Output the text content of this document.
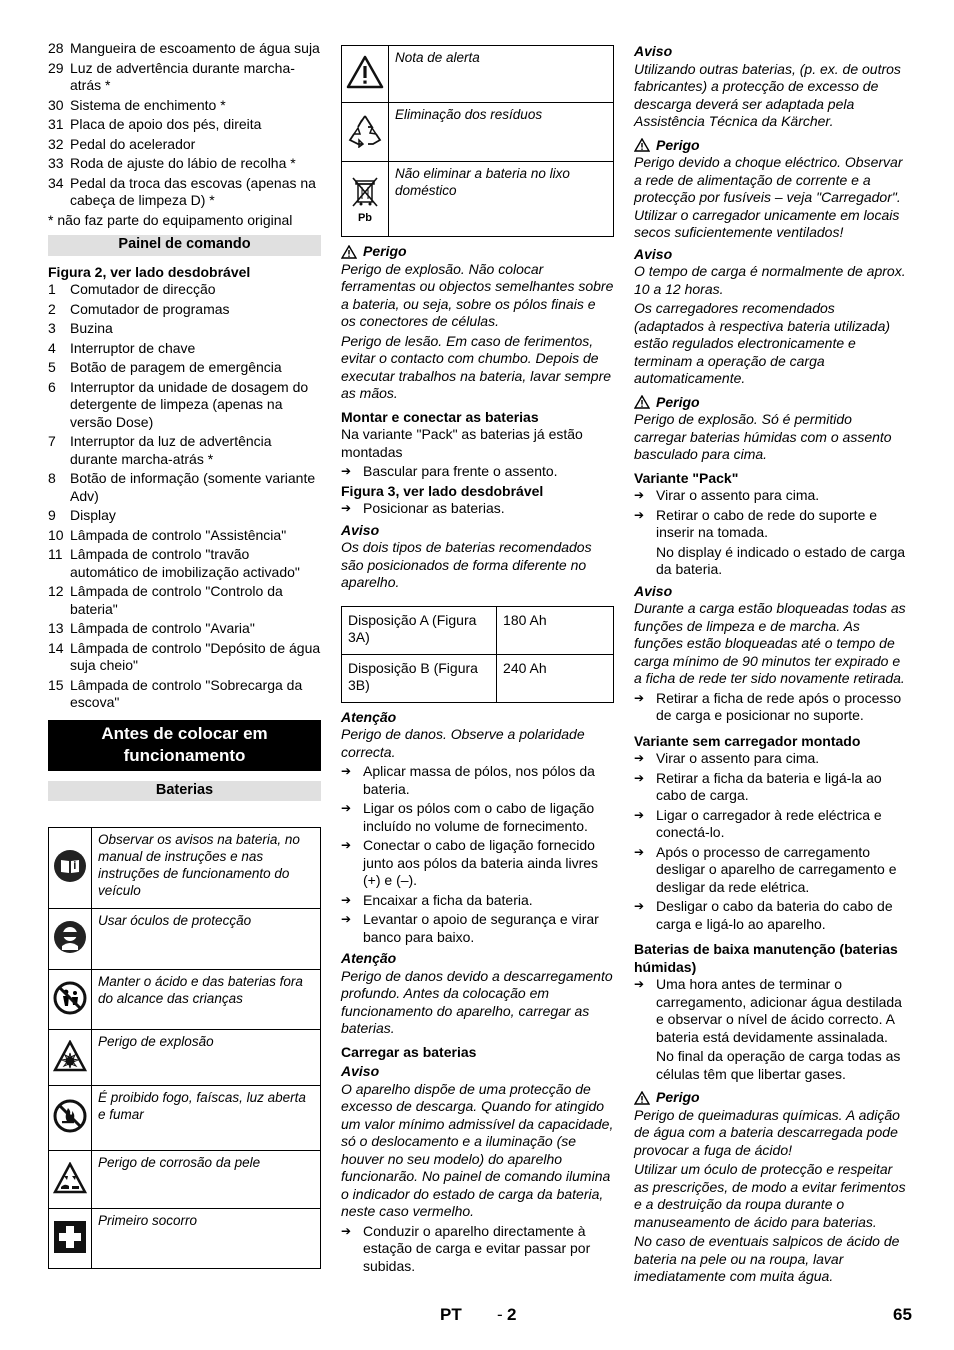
28 Mangueira de escoamento de água suja
29 Luz de advertência durante marcha-atrás *
30 Sistema de enchimento *
31 Placa de apoio dos pés, direita
32 Pedal do acelerador
33 Roda de ajuste do lábio de recolha *
34 Pedal da troca das escovas (apenas na cabeça de limpeza D) *

* não faz parte do equipamento original

Painel de comando
Figura 2, ver lado desdobrável
1	Comutador de direcção
2	Comutador de programas
3	Buzina
4	Interruptor de chave
5	Botão de paragem de emergência
6	Interruptor da unidade de dosagem do detergente de limpeza (apenas na versão Dose)
7	Interruptor da luz de advertência durante marcha-atrás *
8	Botão de informação (somente variante Adv)
9	Display
10 Lâmpada de controlo "Assistência"
11 Lâmpada de controlo "travão automático de imobilização activado"
12 Lâmpada de controlo "Controlo da bateria"
13 Lâmpada de controlo "Avaria"
14 Lâmpada de controlo "Depósito de água suja cheio"
15 Lâmpada de controlo "Sobrecarga da escova"
Antes de colocar em funcionamento
Baterias
	Observar os avisos na bateria, no manual de instruções e nas instruções de funcionamento do veículo
	Usar óculos de protecção
	Manter o ácido e das baterias fora do alcance das crianças
	Perigo de explosão
	É proibido fogo, faíscas, luz aberta e fumar
	Perigo de corrosão da pele
	Primeiro socorro
	Nota de alerta
	Eliminação dos resíduos

Pb	Não eliminar a bateria no lixo doméstico
Perigo

Perigo de explosão. Não colocar ferramentas ou objectos semelhantes sobre a bateria, ou seja, sobre os pólos finais e os conectores de células.

Perigo de lesão. Em caso de ferimentos, evitar o contacto com chumbo. Depois de executar trabalhos na bateria, lavar sempre as mãos.

Montar e conectar as baterias

Na variante "Pack" as baterias já estão montadas

➔ Bascular para frente o assento.
Figura 3, ver lado desdobrável
➔ Posicionar as baterias.
Aviso

Os dois tipos de baterias recomendados são posicionados de forma diferente no aparelho.

Disposição A (Figura 3A)	180 Ah
Disposição B (Figura 3B)	240 Ah
Atenção

Perigo de danos. Observe a polaridade correcta.

➔ Aplicar massa de pólos, nos pólos da bateria.
➔ Ligar os pólos com o cabo de ligação incluído no volume de fornecimento.
➔ Conectar o cabo de ligação fornecido junto aos pólos da bateria ainda livres (+) e (–).
➔ Encaixar a ficha da bateria.
➔ Levantar o apoio de segurança e virar banco para baixo.
Atenção

Perigo de danos devido a descarregamento profundo. Antes da colocação em funcionamento do aparelho, carregar as baterias.

Carregar as baterias
Aviso

O aparelho dispõe de uma protecção de excesso de descarga. Quando for atingido um valor mínimo admissível da capacidade, só o deslocamento e a iluminação (se houver no seu modelo) do aparelho funcionarão. No painel de comando ilumina o indicador do estado de carga da bateria, neste caso vermelho.

➔ Conduzir o aparelho directamente à estação de carga e evitar passar por subidas.
Aviso

Utilizando outras baterias, (p. ex. de outros fabricantes) a protecção de excesso de descarga deverá ser adaptada pela Assistência Técnica da Kärcher.

Perigo

Perigo devido a choque eléctrico. Observar a rede de alimentação de corrente e a protecção por fusíveis – veja "Carregador". Utilizar o carregador unicamente em locais secos suficientemente ventilados!

Aviso

O tempo de carga é normalmente de aprox. 10 a 12 horas.

Os carregadores recomendados (adaptados à respectiva bateria utilizada) estão regulados electronicamente e terminam a operação de carga automaticamente.

Perigo

Perigo de explosão. Só é permitido carregar baterias húmidas com o assento basculado para cima.

Variante "Pack"
➔ Virar o assento para cima.
➔ Retirar o cabo de rede do suporte e inserir na tomada.

No display é indicado o estado de carga da bateria.

Aviso

Durante a carga estão bloqueadas todas as funções de limpeza e de marcha. As funções estão bloqueadas até o tempo de carga mínimo de 90 minutos ter expirado e a ficha de rede ter sido novamente retirada.

➔ Retirar a ficha de rede após o processo de carga e posicionar no suporte.
Variante sem carregador montado
➔ Virar o assento para cima.
➔ Retirar a ficha da bateria e ligá-la ao cabo de carga.
➔ Ligar o carregador à rede eléctrica e conectá-lo.
➔ Após o processo de carregamento desligar o aparelho de carregamento e desligar da rede elétrica.
➔ Desligar o cabo da bateria do cabo de carga e ligá-lo ao aparelho.
Baterias de baixa manutenção (baterias húmidas)
➔ Uma hora antes de terminar o carregamento, adicionar água destilada e observar o nível de ácido correcto. A bateria está devidamente assinalada.

No final da operação de carga todas as células têm que libertar gases.

Perigo

Perigo de queimaduras químicas. A adição de água com a bateria descarregada pode provocar a fuga de ácido!

Utilizar um óculo de protecção e respeitar as prescrições, de modo a evitar ferimentos e a destruição da roupa durante o manuseamento de ácido para baterias.

No caso de eventuais salpicos de ácido de bateria na pele ou na roupa, lavar imediatamente com muita água.

PT - 2	65
